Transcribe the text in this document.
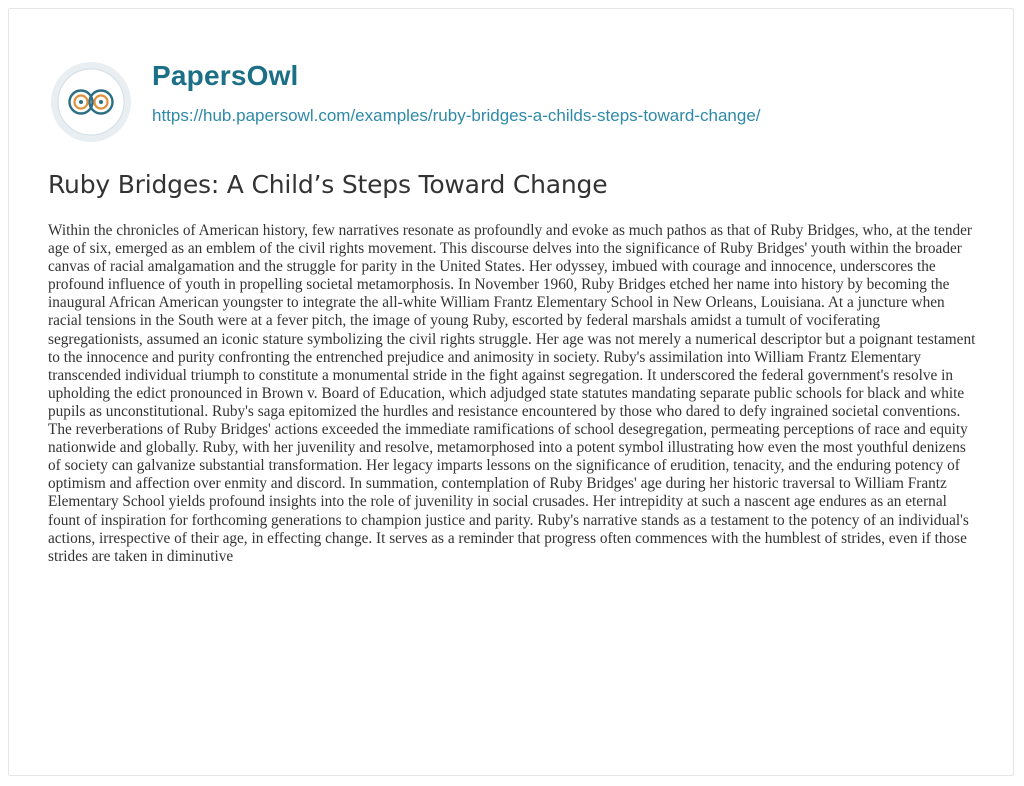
PapersOwl
https://hub.papersowl.com/examples/ruby-bridges-a-childs-steps-toward-change/
Ruby Bridges: A Child’s Steps Toward Change

Within the chronicles of American history, few narratives resonate as profoundly and evoke as much pathos as that of Ruby Bridges, who, at the tender age of six, emerged as an emblem of the civil rights movement. This discourse delves into the significance of Ruby Bridges' youth within the broader canvas of racial amalgamation and the struggle for parity in the United States. Her odyssey, imbued with courage and innocence, underscores the profound influence of youth in propelling societal metamorphosis. In November 1960, Ruby Bridges etched her name into history by becoming the inaugural African American youngster to integrate the all-white William Frantz Elementary School in New Orleans, Louisiana. At a juncture when racial tensions in the South were at a fever pitch, the image of young Ruby, escorted by federal marshals amidst a tumult of vociferating segregationists, assumed an iconic stature symbolizing the civil rights struggle. Her age was not merely a numerical descriptor but a poignant testament to the innocence and purity confronting the entrenched prejudice and animosity in society. Ruby's assimilation into William Frantz Elementary transcended individual triumph to constitute a monumental stride in the fight against segregation. It underscored the federal government's resolve in upholding the edict pronounced in Brown v. Board of Education, which adjudged state statutes mandating separate public schools for black and white pupils as unconstitutional. Ruby's saga epitomized the hurdles and resistance encountered by those who dared to defy ingrained societal conventions. The reverberations of Ruby Bridges' actions exceeded the immediate ramifications of school desegregation, permeating perceptions of race and equity nationwide and globally. Ruby, with her juvenility and resolve, metamorphosed into a potent symbol illustrating how even the most youthful denizens of society can galvanize substantial transformation. Her legacy imparts lessons on the significance of erudition, tenacity, and the enduring potency of optimism and affection over enmity and discord. In summation, contemplation of Ruby Bridges' age during her historic traversal to William Frantz Elementary School yields profound insights into the role of juvenility in social crusades. Her intrepidity at such a nascent age endures as an eternal fount of inspiration for forthcoming generations to champion justice and parity. Ruby's narrative stands as a testament to the potency of an individual's actions, irrespective of their age, in effecting change. It serves as a reminder that progress often commences with the humblest of strides, even if those strides are taken in diminutive
